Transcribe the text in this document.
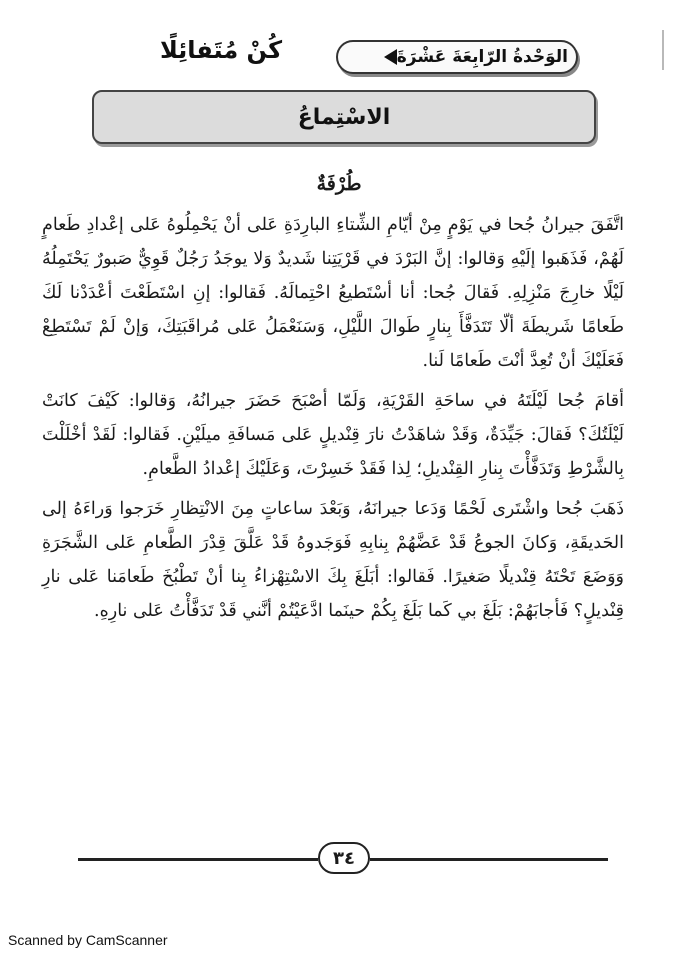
الوَحْدةُ الرّابِعَةَ عَشْرَةَ
كُنْ مُتَفائِلًا
الاسْتِماعُ
طُرْفَةٌ

اتَّفَقَ جيرانُ جُحا في يَوْمٍ مِنْ أيّامِ الشِّتاءِ البارِدَةِ عَلى أنْ يَحْمِلُوهُ عَلى إعْدادِ طَعامٍ لَهُمْ، فَذَهَبوا إلَيْهِ وَقالوا: إنَّ البَرْدَ في قَرْيَتِنا شَديدٌ وَلا يوجَدُ رَجُلٌ قَوِيٌّ صَبورٌ يَحْتَمِلُهُ لَيْلًا خارِجَ مَنْزِلِهِ. فَقالَ جُحا: أنا أسْتَطيعُ احْتِمالَهُ. فَقالوا: إنِ اسْتَطَعْتَ أعْدَدْنا لَكَ طَعامًا شَريطَةَ ألّا تَتَدَفَّأَ بِنارٍ طَوالَ اللَّيْلِ، وَسَنَعْمَلُ عَلى مُراقَبَتِكَ، وَإنْ لَمْ تَسْتَطِعْ فَعَلَيْكَ أنْ تُعِدَّ أنْتَ طَعامًا لَنا.

أقامَ جُحا لَيْلَتَهُ في ساحَةِ القَرْيَةِ، وَلَمّا أصْبَحَ حَضَرَ جيرانُهُ، وَقالوا: كَيْفَ كانَتْ لَيْلَتُكَ؟ فَقالَ: جَيِّدَةٌ، وَقَدْ شاهَدْتُ نارَ قِنْديلٍ عَلى مَسافَةِ ميلَيْنِ. فَقالوا: لَقَدْ أخْلَلْتَ بِالشَّرْطِ وَتَدَفَّأْتَ بِنارِ القِنْديلِ؛ لِذا فَقَدْ خَسِرْتَ، وَعَلَيْكَ إعْدادُ الطَّعامِ.

ذَهَبَ جُحا واشْتَرى لَحْمًا وَدَعا جيرانَهُ، وَبَعْدَ ساعاتٍ مِنَ الانْتِظارِ خَرَجوا وَراءَهُ إلى الحَديقَةِ، وَكانَ الجوعُ قَدْ عَضَّهُمْ بِنابِهِ فَوَجَدوهُ قَدْ عَلَّقَ قِدْرَ الطَّعامِ عَلى الشَّجَرَةِ وَوَضَعَ تَحْتَهُ قِنْديلًا صَغيرًا. فَقالوا: أبَلَغَ بِكَ الاسْتِهْزاءُ بِنا أنْ تَطْبُخَ طَعامَنا عَلى نارِ قِنْديلٍ؟ فَأجابَهُمْ: بَلَغَ بي كَما بَلَغَ بِكُمْ حينَما ادَّعَيْتُمْ أنَّني قَدْ تَدَفَّأْتُ عَلى نارِهِ.

٣٤
Scanned by CamScanner
